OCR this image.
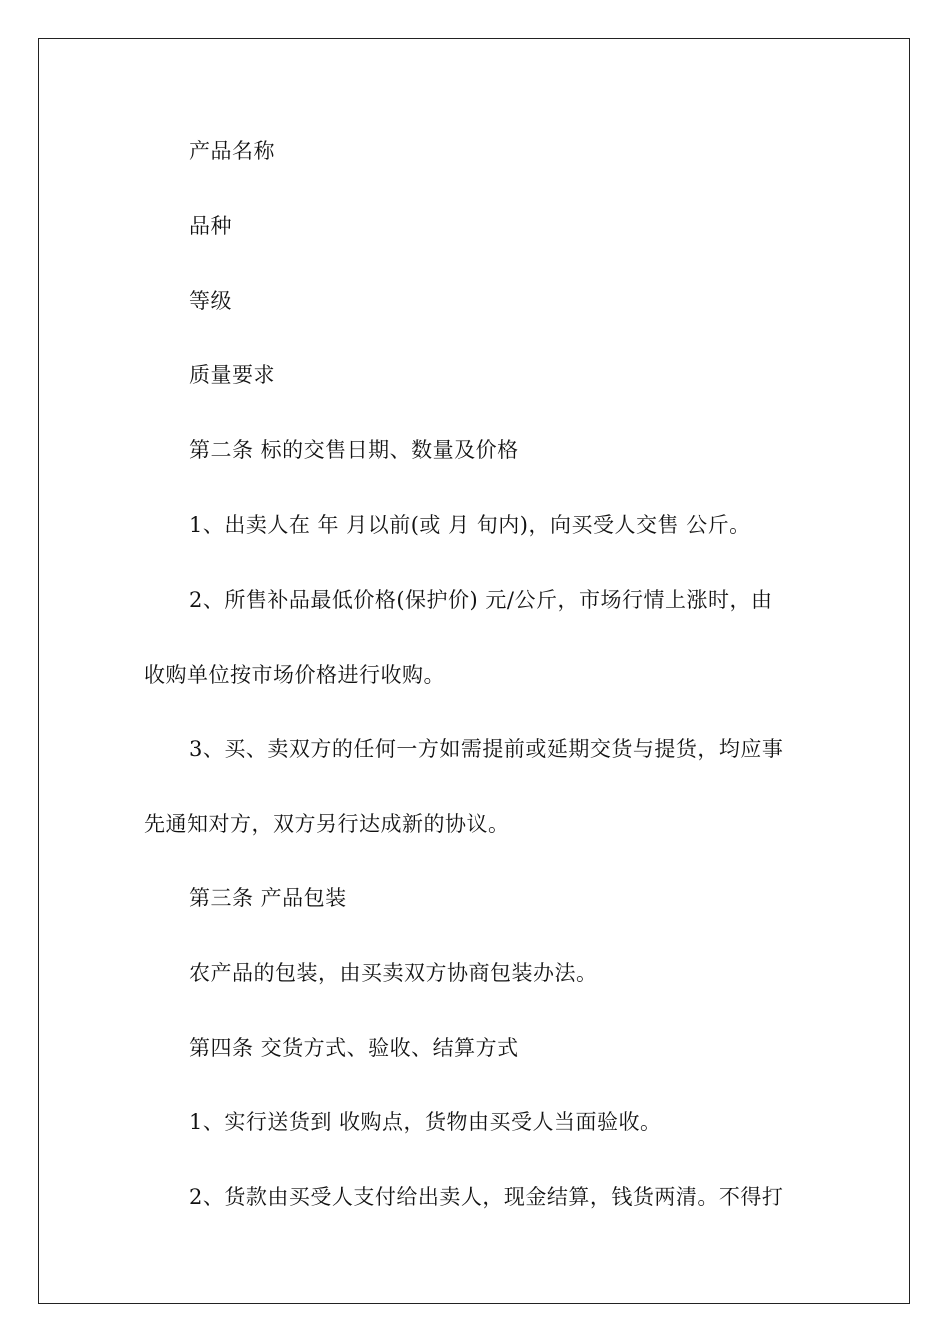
产品名称
品种
等级
质量要求
第二条 标的交售日期、数量及价格
1、出卖人在 年 月以前(或 月 旬内)，向买受人交售 公斤。
2、所售补品最低价格(保护价) 元/公斤，市场行情上涨时，由
收购单位按市场价格进行收购。
3、买、卖双方的任何一方如需提前或延期交货与提货，均应事
先通知对方，双方另行达成新的协议。
第三条 产品包装
农产品的包装，由买卖双方协商包装办法。
第四条 交货方式、验收、结算方式
1、实行送货到 收购点，货物由买受人当面验收。
2、货款由买受人支付给出卖人，现金结算，钱货两清。不得打
